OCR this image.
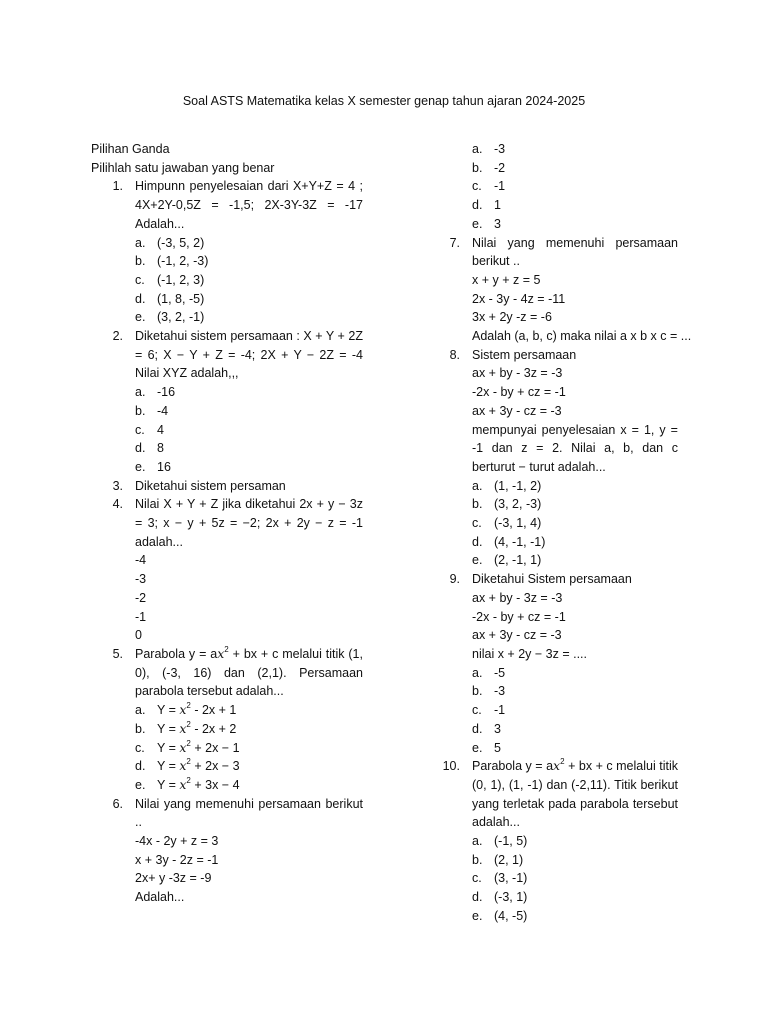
Soal ASTS Matematika kelas X semester genap tahun ajaran 2024-2025
Pilihan Ganda
Pilihlah satu jawaban yang benar
1. Himpunn penyelesaian dari X+Y+Z = 4 ; 4X+2Y-0,5Z = -1,5; 2X-3Y-3Z = -17 Adalah...
a. (-3, 5, 2)
b. (-1, 2, -3)
c. (-1, 2, 3)
d. (1, 8, -5)
e. (3, 2, -1)
2. Diketahui sistem persamaan : X + Y + 2Z = 6; X − Y + Z = -4; 2X + Y − 2Z = -4 Nilai XYZ adalah,,,
a. -16
b. -4
c. 4
d. 8
e. 16
3. Diketahui sistem persaman
4. Nilai X + Y + Z jika diketahui 2x + y − 3z = 3; x − y + 5z = −2; 2x + 2y − z = -1 adalah...
-4
-3
-2
-1
0
5. Parabola $y = ax^2$ + bx + c melalui titik (1, 0), (-3, 16) dan (2,1). Persamaan parabola tersebut adalah...
a. $Y = x^2 - 2x + 1$
b. $Y = x^2 - 2x + 2$
c. $Y = x^2 + 2x - 1$
d. $Y = x^2 + 2x - 3$
e. $Y = x^2 + 3x - 4$
6. Nilai yang memenuhi persamaan berikut ..
-4x - 2y + z = 3
x + 3y - 2z = -1
2x+ y -3z = -9
Adalah...
a. -3
b. -2
c. -1
d. 1
e. 3
7. Nilai yang memenuhi persamaan berikut ..
x + y + z = 5
2x - 3y - 4z = -11
3x + 2y -z = -6
Adalah (a, b, c) maka nilai a x b x c = ...
8. Sistem persamaan
ax + by - 3z = -3
-2x - by + cz = -1
ax + 3y - cz = -3
mempunyai penyelesaian x = 1, y = -1 dan z = 2. Nilai a, b, dan c berturut − turut adalah...
a. (1, -1, 2)
b. (3, 2, -3)
c. (-3, 1, 4)
d. (4, -1, -1)
e. (2, -1, 1)
9. Diketahui Sistem persamaan
ax + by - 3z = -3
-2x - by + cz = -1
ax + 3y - cz = -3
nilai x + 2y − 3z = ....
a. -5
b. -3
c. -1
d. 3
e. 5
10. Parabola $y = ax^2$ + bx + c melalui titik (0, 1), (1, -1) dan (-2,11). Titik berikut yang terletak pada parabola tersebut adalah...
a. (-1, 5)
b. (2, 1)
c. (3, -1)
d. (-3, 1)
e. (4, -5)
